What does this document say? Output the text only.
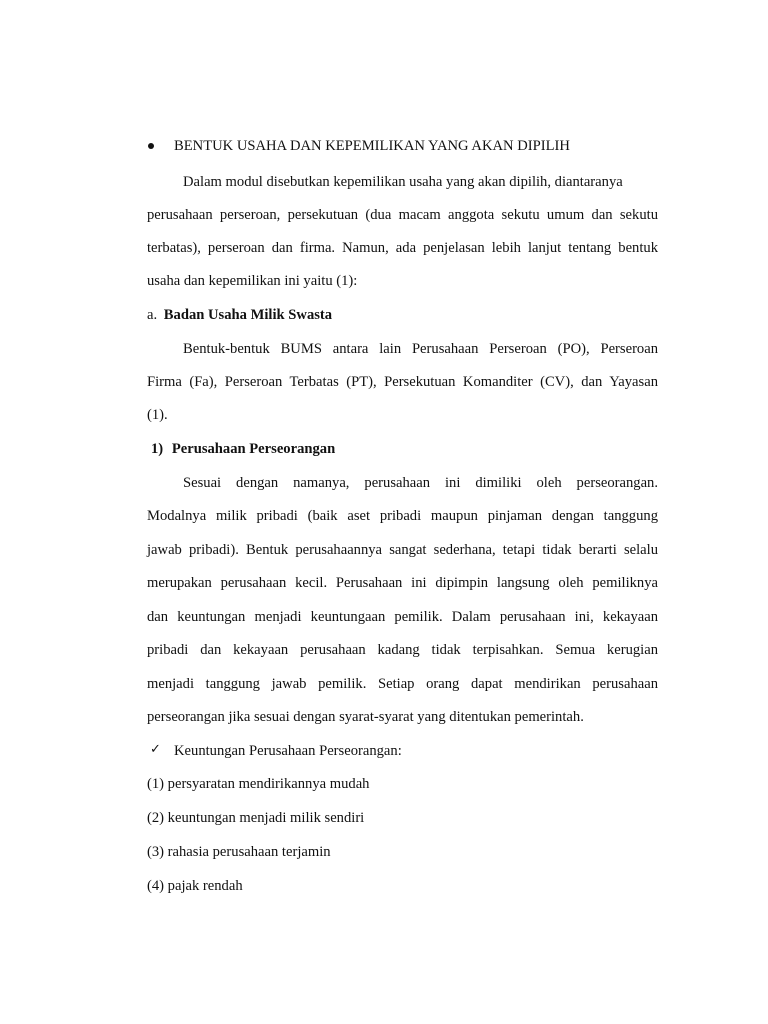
BENTUK USAHA DAN KEPEMILIKAN YANG AKAN DIPILIH
Dalam modul disebutkan kepemilikan usaha yang akan dipilih, diantaranya
perusahaan perseroan, persekutuan (dua macam anggota sekutu umum dan sekutu
terbatas), perseroan dan firma. Namun, ada penjelasan lebih lanjut tentang bentuk
usaha dan kepemilikan ini yaitu (1):
a. Badan Usaha Milik Swasta
Bentuk-bentuk BUMS antara lain Perusahaan Perseroan (PO), Perseroan
Firma (Fa), Perseroan Terbatas (PT), Persekutuan Komanditer (CV), dan Yayasan
(1).
1) Perusahaan Perseorangan
Sesuai dengan namanya, perusahaan ini dimiliki oleh perseorangan.
Modalnya milik pribadi (baik aset pribadi maupun pinjaman dengan tanggung
jawab pribadi). Bentuk perusahaannya sangat sederhana, tetapi tidak berarti selalu
merupakan perusahaan kecil. Perusahaan ini dipimpin langsung oleh pemiliknya
dan keuntungan menjadi keuntungaan pemilik. Dalam perusahaan ini, kekayaan
pribadi dan kekayaan perusahaan kadang tidak terpisahkan. Semua kerugian
menjadi tanggung jawab pemilik. Setiap orang dapat mendirikan perusahaan
perseorangan jika sesuai dengan syarat-syarat yang ditentukan pemerintah.
✓ Keuntungan Perusahaan Perseorangan:
(1) persyaratan mendirikannya mudah
(2) keuntungan menjadi milik sendiri
(3) rahasia perusahaan terjamin
(4) pajak rendah
